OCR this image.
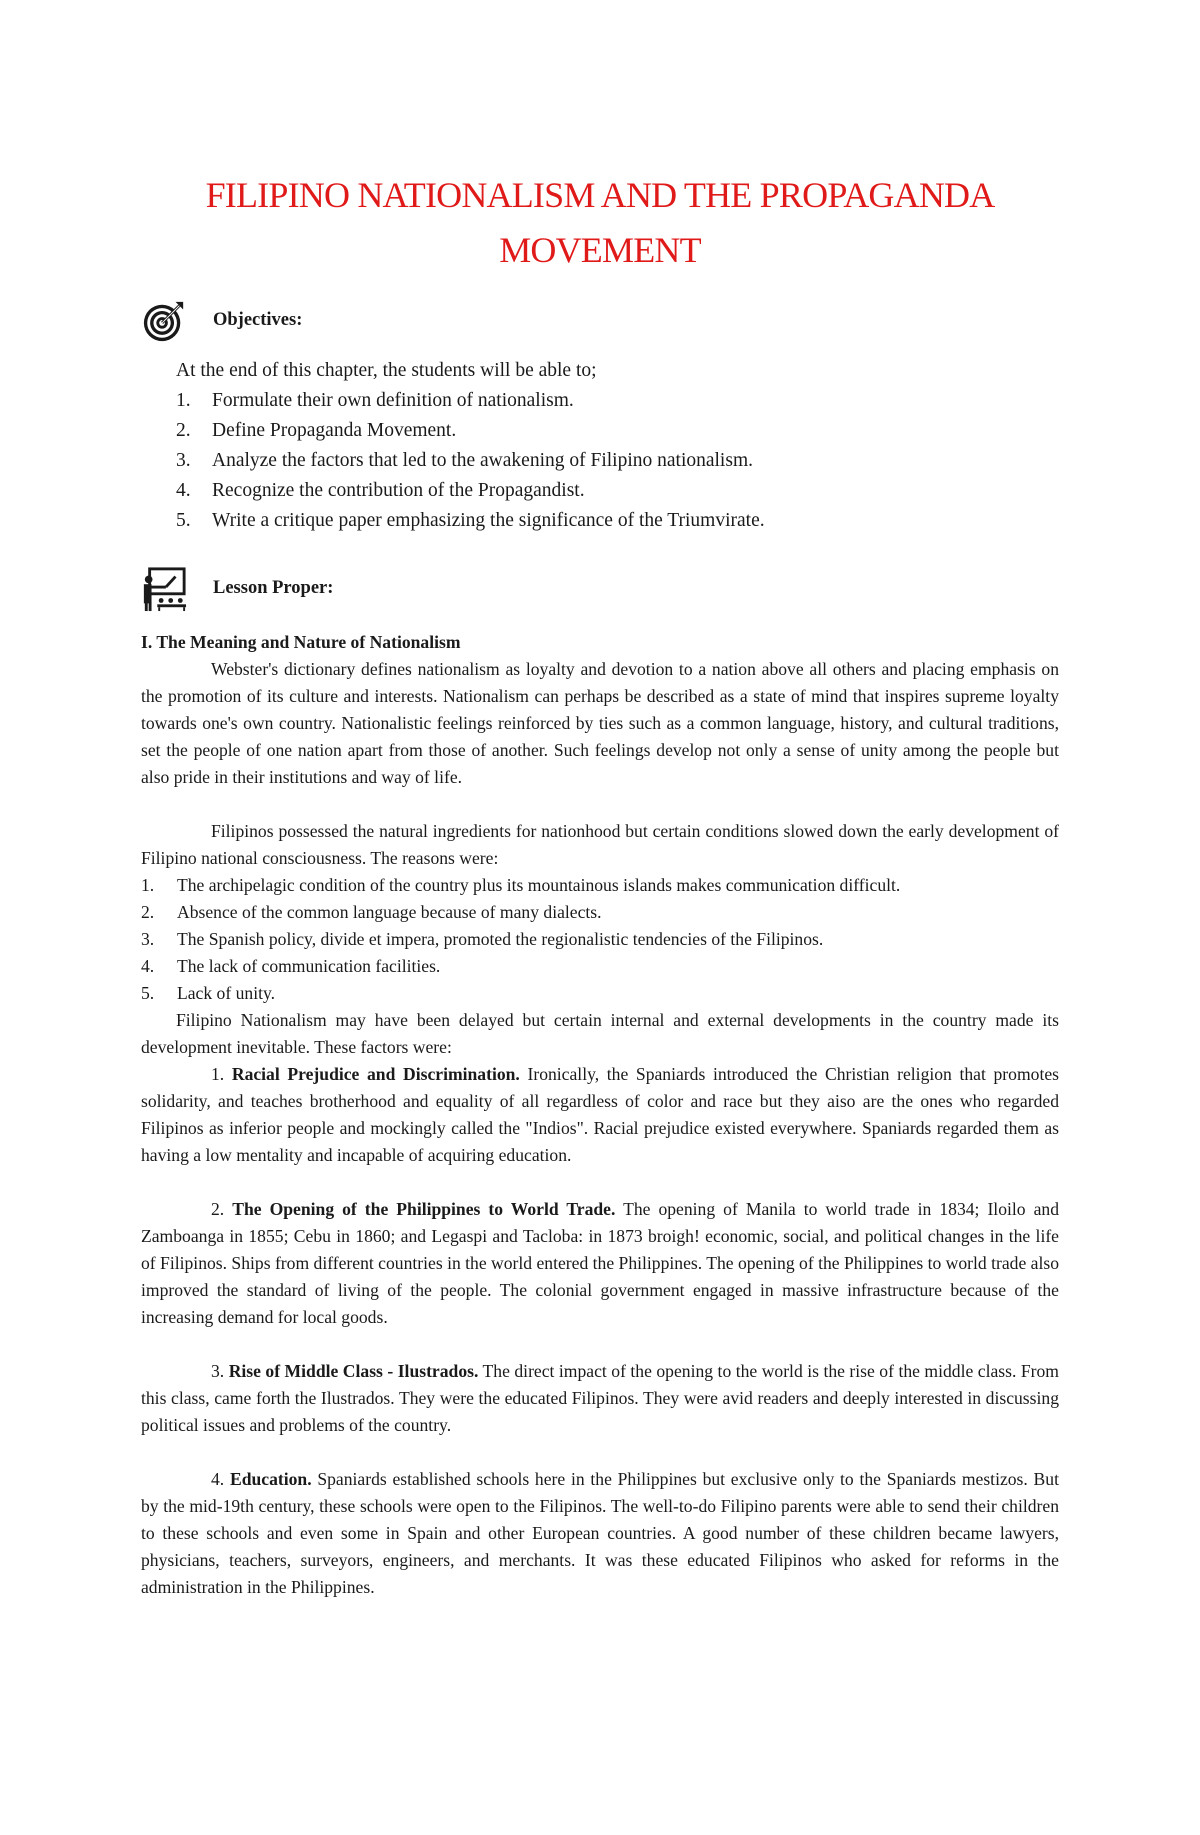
FILIPINO NATIONALISM AND THE PROPAGANDA MOVEMENT
Objectives:

At the end of this chapter, the students will be able to;

1.	Formulate their own definition of nationalism.
2.	Define Propaganda Movement.
3.	Analyze the factors that led to the awakening of Filipino nationalism.
4.	Recognize the contribution of the Propagandist.
5.	Write a critique paper emphasizing the significance of the Triumvirate.
Lesson Proper:
I. The Meaning and Nature of Nationalism

Webster's dictionary defines nationalism as loyalty and devotion to a nation above all others and placing emphasis on the promotion of its culture and interests. Nationalism can perhaps be described as a state of mind that inspires supreme loyalty towards one's own country. Nationalistic feelings reinforced by ties such as a common language, history, and cultural traditions, set the people of one nation apart from those of another. Such feelings develop not only a sense of unity among the people but also pride in their institutions and way of life.

Filipinos possessed the natural ingredients for nationhood but certain conditions slowed down the early development of Filipino national consciousness. The reasons were:

1.	The archipelagic condition of the country plus its mountainous islands makes communication difficult.
2.	Absence of the common language because of many dialects.
3.	The Spanish policy, divide et impera, promoted the regionalistic tendencies of the Filipinos.
4.	The lack of communication facilities.
5.	Lack of unity.

Filipino Nationalism may have been delayed but certain internal and external developments in the country made its development inevitable. These factors were:

1. Racial Prejudice and Discrimination. Ironically, the Spaniards introduced the Christian religion that promotes solidarity, and teaches brotherhood and equality of all regardless of color and race but they aiso are the ones who regarded Filipinos as inferior people and mockingly called the "Indios". Racial prejudice existed everywhere. Spaniards regarded them as having a low mentality and incapable of acquiring education.

2. The Opening of the Philippines to World Trade. The opening of Manila to world trade in 1834; Iloilo and Zamboanga in 1855; Cebu in 1860; and Legaspi and Tacloba: in 1873 broigh! economic, social, and political changes in the life of Filipinos. Ships from different countries in the world entered the Philippines. The opening of the Philippines to world trade also improved the standard of living of the people. The colonial government engaged in massive infrastructure because of the increasing demand for local goods.

3. Rise of Middle Class - Ilustrados. The direct impact of the opening to the world is the rise of the middle class. From this class, came forth the Ilustrados. They were the educated Filipinos. They were avid readers and deeply interested in discussing political issues and problems of the country.

4. Education. Spaniards established schools here in the Philippines but exclusive only to the Spaniards mestizos. But by the mid-19th century, these schools were open to the Filipinos. The well-to-do Filipino parents were able to send their children to these schools and even some in Spain and other European countries. A good number of these children became lawyers, physicians, teachers, surveyors, engineers, and merchants. It was these educated Filipinos who asked for reforms in the administration in the Philippines.
